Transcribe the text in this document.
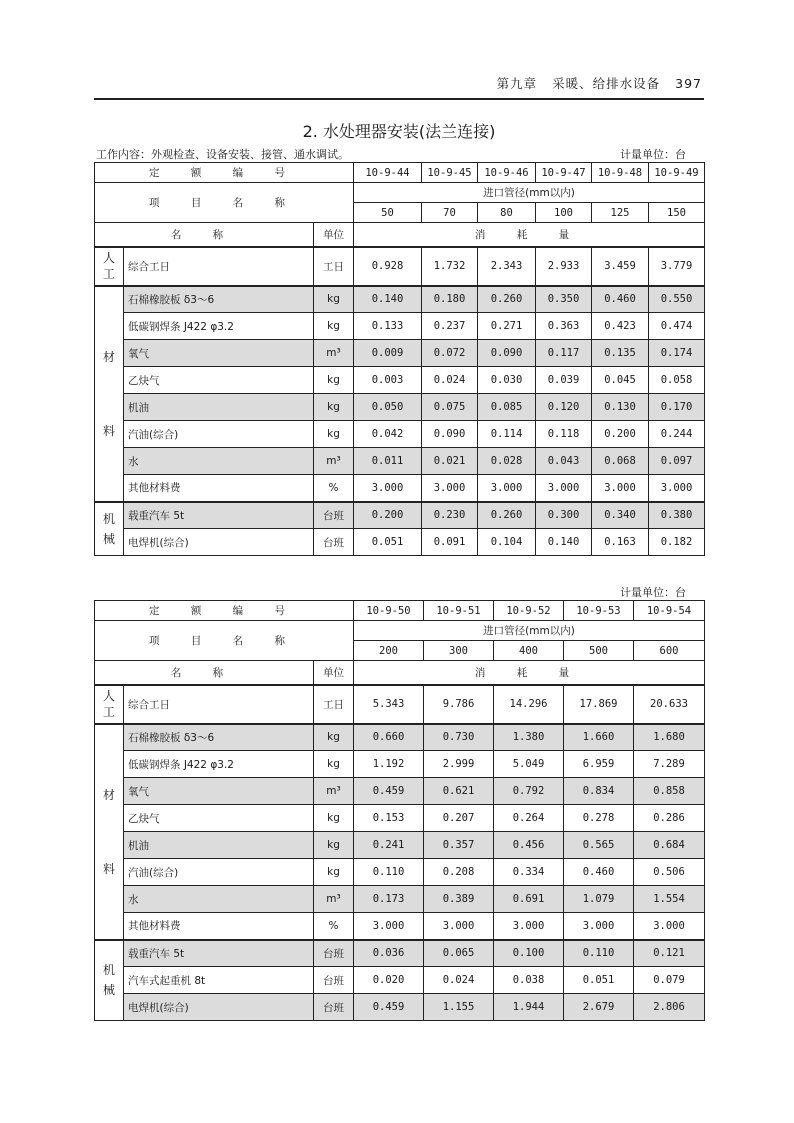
第九章 采暖、给排水设备 397
2. 水处理器安装(法兰连接)
工作内容：外观检查、设备安装、接管、通水调试。	计量单位：台
定 额 编 号			10-9-44	10-9-45	10-9-46	10-9-47	10-9-48	10-9-49
项 目 名 称			进口管径(mm以内)					
			50	70	80	100	125	150
名 称		单位	消 耗 量					
人
工	综合工日	工日	0.928	1.732	2.343	2.933	3.459	3.779
材
料	石棉橡胶板 δ3～6	kg	0.140	0.180	0.260	0.350	0.460	0.550
	低碳钢焊条 J422 φ3.2	kg	0.133	0.237	0.271	0.363	0.423	0.474
	氧气	m³	0.009	0.072	0.090	0.117	0.135	0.174
	乙炔气	kg	0.003	0.024	0.030	0.039	0.045	0.058
	机油	kg	0.050	0.075	0.085	0.120	0.130	0.170
	汽油(综合)	kg	0.042	0.090	0.114	0.118	0.200	0.244
	水	m³	0.011	0.021	0.028	0.043	0.068	0.097
	其他材料费	%	3.000	3.000	3.000	3.000	3.000	3.000
机
械	载重汽车 5t	台班	0.200	0.230	0.260	0.300	0.340	0.380
	电焊机(综合)	台班	0.051	0.091	0.104	0.140	0.163	0.182
计量单位：台
定 额 编 号			10-9-50	10-9-51	10-9-52	10-9-53	10-9-54
项 目 名 称			进口管径(mm以内)				
			200	300	400	500	600
名 称		单位	消 耗 量				
人
工	综合工日	工日	5.343	9.786	14.296	17.869	20.633
材
料	石棉橡胶板 δ3～6	kg	0.660	0.730	1.380	1.660	1.680
	低碳钢焊条 J422 φ3.2	kg	1.192	2.999	5.049	6.959	7.289
	氧气	m³	0.459	0.621	0.792	0.834	0.858
	乙炔气	kg	0.153	0.207	0.264	0.278	0.286
	机油	kg	0.241	0.357	0.456	0.565	0.684
	汽油(综合)	kg	0.110	0.208	0.334	0.460	0.506
	水	m³	0.173	0.389	0.691	1.079	1.554
	其他材料费	%	3.000	3.000	3.000	3.000	3.000
机
械	载重汽车 5t	台班	0.036	0.065	0.100	0.110	0.121
	汽车式起重机 8t	台班	0.020	0.024	0.038	0.051	0.079
	电焊机(综合)	台班	0.459	1.155	1.944	2.679	2.806
